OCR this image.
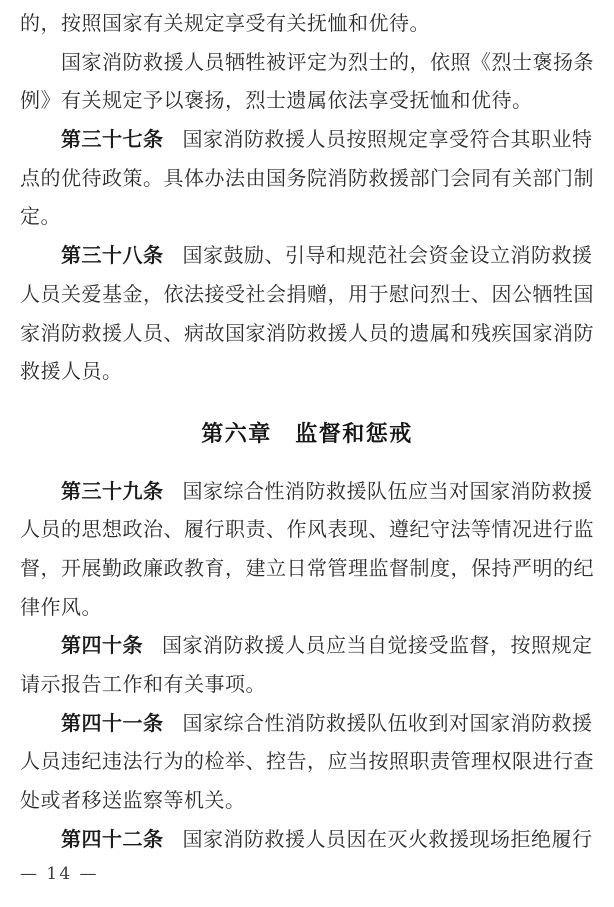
的，按照国家有关规定享受有关抚恤和优待。
国家消防救援人员牺牲被评定为烈士的，依照《烈士褒扬条
例》有关规定予以褒扬，烈士遗属依法享受抚恤和优待。
第三十七条 国家消防救援人员按照规定享受符合其职业特
点的优待政策。具体办法由国务院消防救援部门会同有关部门制
定。
第三十八条 国家鼓励、引导和规范社会资金设立消防救援
人员关爱基金，依法接受社会捐赠，用于慰问烈士、因公牺牲国
家消防救援人员、病故国家消防救援人员的遗属和残疾国家消防
救援人员。
第六章　监督和惩戒
第三十九条 国家综合性消防救援队伍应当对国家消防救援
人员的思想政治、履行职责、作风表现、遵纪守法等情况进行监
督，开展勤政廉政教育，建立日常管理监督制度，保持严明的纪
律作风。
第四十条 国家消防救援人员应当自觉接受监督，按照规定
请示报告工作和有关事项。
第四十一条 国家综合性消防救援队伍收到对国家消防救援
人员违纪违法行为的检举、控告，应当按照职责管理权限进行查
处或者移送监察等机关。
第四十二条 国家消防救援人员因在灭火救援现场拒绝履行
— 14 —
